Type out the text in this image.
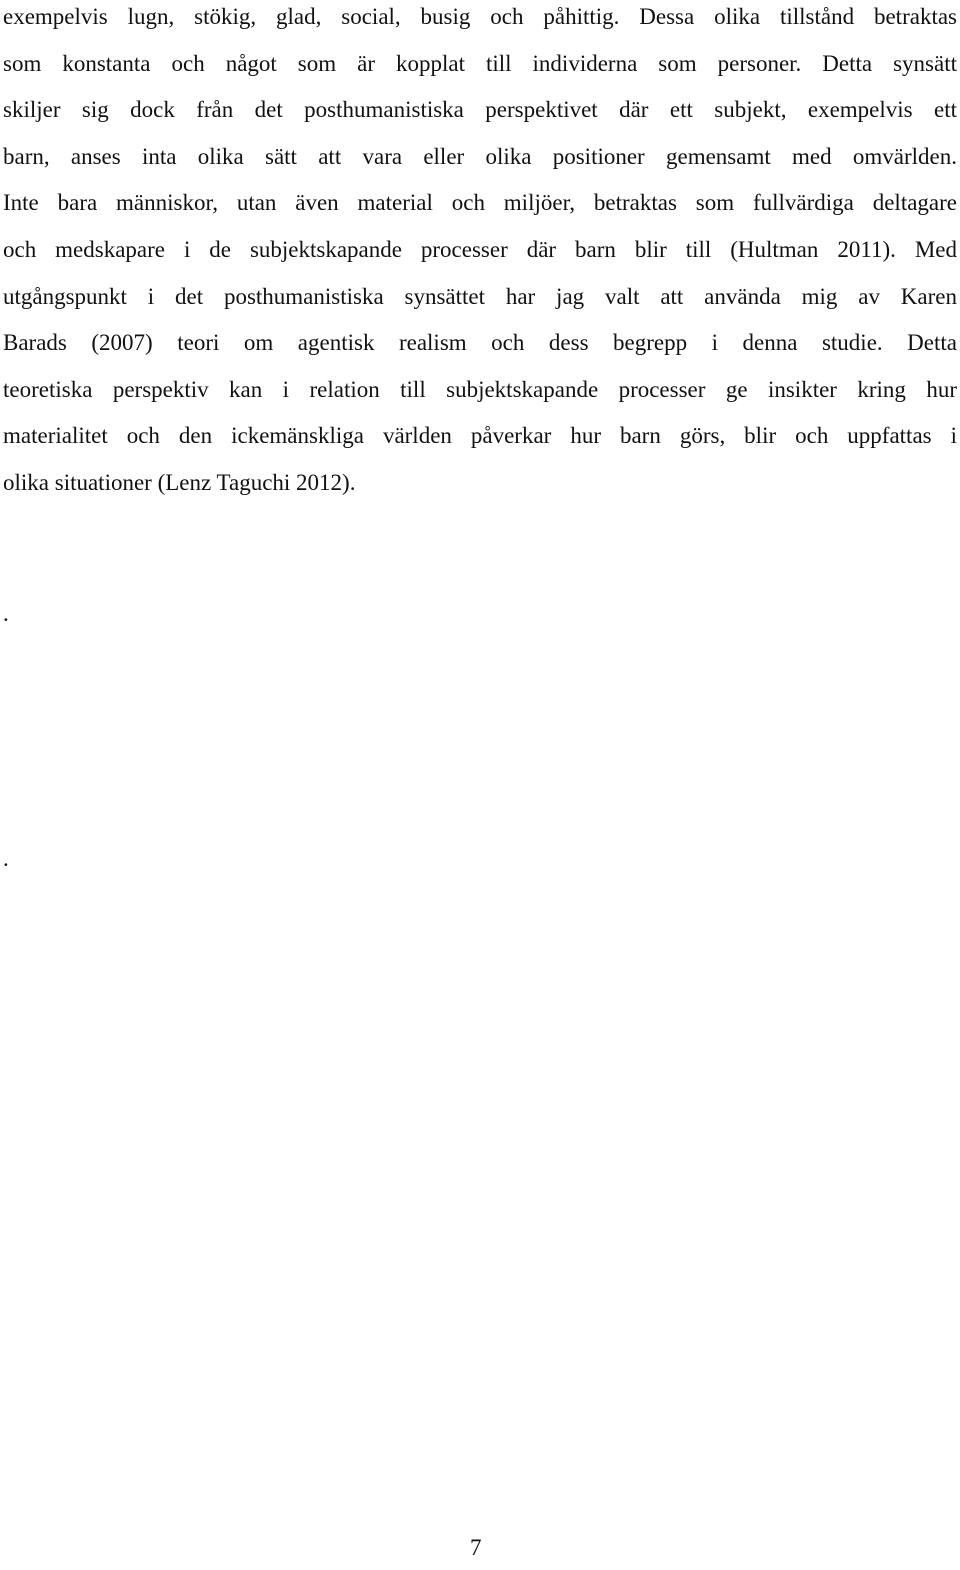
exempelvis lugn, stökig, glad, social, busig och påhittig. Dessa olika tillstånd betraktas
som konstanta och något som är kopplat till individerna som personer. Detta synsätt
skiljer sig dock från det posthumanistiska perspektivet där ett subjekt, exempelvis ett
barn, anses inta olika sätt att vara eller olika positioner gemensamt med omvärlden.
Inte bara människor, utan även material och miljöer, betraktas som fullvärdiga deltagare
och medskapare i de subjektskapande processer där barn blir till (Hultman 2011). Med
utgångspunkt i det posthumanistiska synsättet har jag valt att använda mig av Karen
Barads (2007) teori om agentisk realism och dess begrepp i denna studie. Detta
teoretiska perspektiv kan i relation till subjektskapande processer ge insikter kring hur
materialitet och den ickemänskliga världen påverkar hur barn görs, blir och uppfattas i
olika situationer (Lenz Taguchi 2012).
.
.
7
